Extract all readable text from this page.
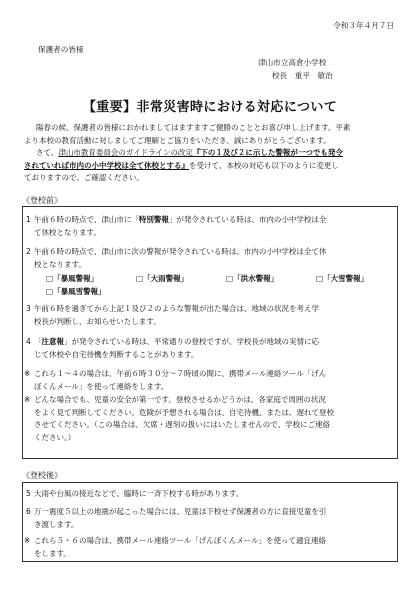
令和３年４月７日
保護者の皆様
津山市立高倉小学校
校長　重平　敏治
【重要】非常災害時における対応について

陽春の候、保護者の皆様におかれましてはますますご健勝のこととお喜び申し上げます。平素

より本校の教育活動に対しましてご理解とご協力をいただき、誠にありがとうございます。

さて、津山市教育委員会のガイドラインの改定『下の１及び２に示した警報が一つでも発令

されていれば市内の小中学校は全て休校とする』を受けて、本校の対応も以下のように変更し

ておりますので、ご確認ください。

《登校前》
1 午前６時の時点で、津山市に「特別警報」が発令されている時は、市内の小中学校は全
て休校となります。
2 午前６時の時点で、津山市に次の警報が発令されている時は、市内の小中学校は全て休
校となります。
□「暴風警報」	□「大雨警報」	□「洪水警報」	□「大雪警報」
□「暴風雪警報」
3 午前６時を過ぎてから上記１及び２のような警報が出た場合は、地域の状況を考え学
校長が判断し、お知らせいたします。
4 「注意報」が発令されている時は、平常通りの登校ですが、学校長が地域の実情に応
じて休校や自宅待機を判断することがあります。
※ これら１～４の場合は、午前６時３０分～７時頃の間に、携帯メール連絡ツール「げん
ぼくんメール」を使って連絡をします。
※ どんな場合でも、児童の安全が第一です。登校させるかどうかは、各家庭で周囲の状況
をよく見て判断してください。危険が予想される場合は、自宅待機、または、遅れて登校
させてください。（この場合は、欠席・遅刻の扱いにはいたしませんので、学校にご連絡
ください。）
《登校後》
5 大雨や台風の接近などで、臨時に一斉下校する時があります。
6 万一震度５以上の地震が起こった場合には、児童は下校せず保護者の方に直接児童を引
き渡します。
※ これら５・６の場合は、携帯メール連絡ツール「げんぼくんメール」を使って適宜連絡
をします。
